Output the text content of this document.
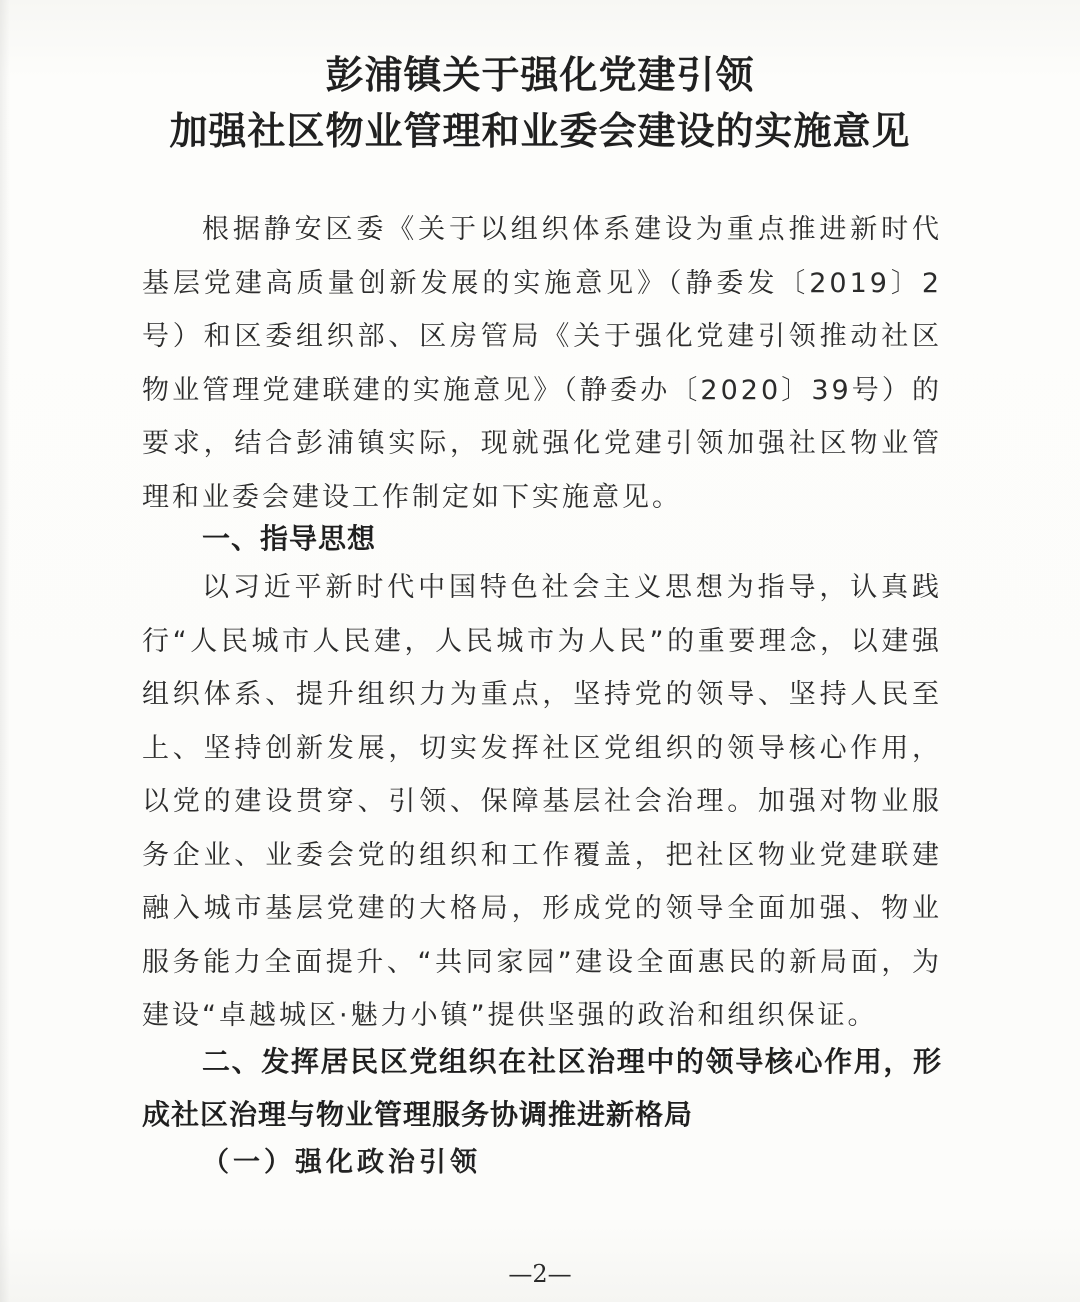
彭浦镇关于强化党建引领
加强社区物业管理和业委会建设的实施意见

根据静安区委《关于以组织体系建设为重点推进新时代基层党建高质量创新发展的实施意见》（静委发〔2019〕2号）和区委组织部、区房管局《关于强化党建引领推动社区物业管理党建联建的实施意见》（静委办〔2020〕39号）的要求，结合彭浦镇实际，现就强化党建引领加强社区物业管理和业委会建设工作制定如下实施意见。

一、指导思想

以习近平新时代中国特色社会主义思想为指导，认真践行“人民城市人民建，人民城市为人民”的重要理念，以建强组织体系、提升组织力为重点，坚持党的领导、坚持人民至上、坚持创新发展，切实发挥社区党组织的领导核心作用，以党的建设贯穿、引领、保障基层社会治理。加强对物业服务企业、业委会党的组织和工作覆盖，把社区物业党建联建融入城市基层党建的大格局，形成党的领导全面加强、物业服务能力全面提升、“共同家园”建设全面惠民的新局面，为建设“卓越城区·魅力小镇”提供坚强的政治和组织保证。

二、发挥居民区党组织在社区治理中的领导核心作用，形成社区治理与物业管理服务协调推进新格局
（一）强化政治引领
—2—
